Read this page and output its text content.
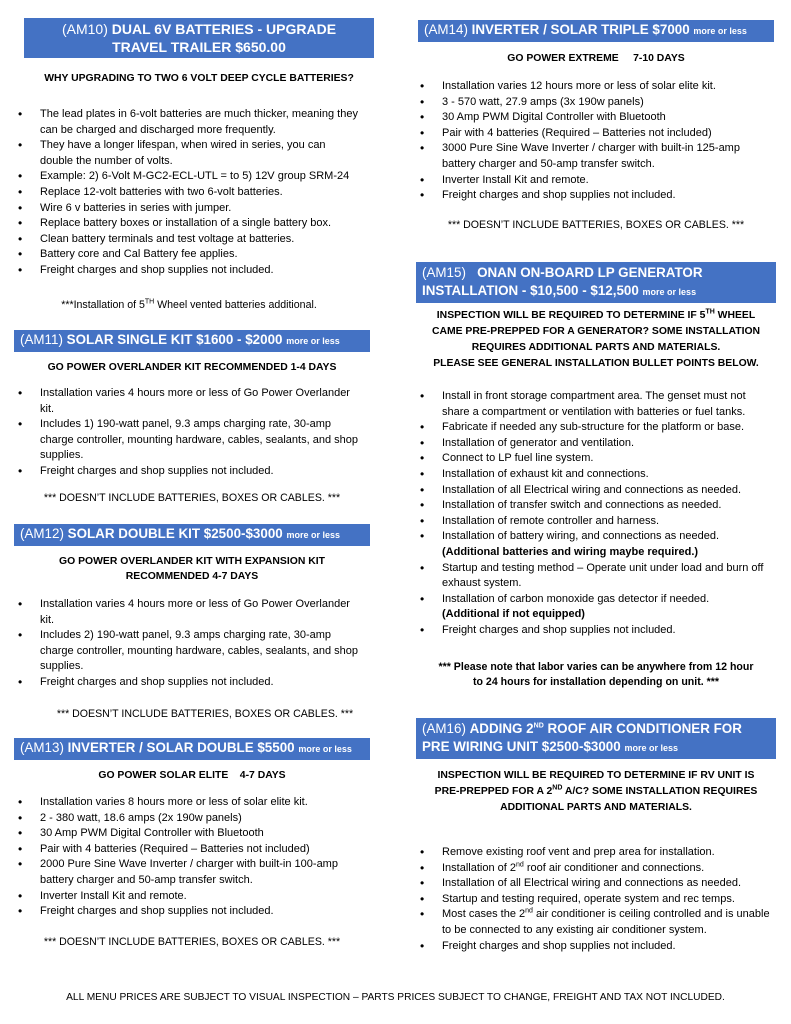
(AM10) DUAL 6V BATTERIES - UPGRADE
TRAVEL TRAILER $650.00
WHY UPGRADING TO TWO 6 VOLT DEEP CYCLE BATTERIES?
• The lead plates in 6-volt batteries are much thicker, meaning they can be charged and discharged more frequently.
• They have a longer lifespan, when wired in series, you can double the number of volts.
• Example: 2) 6-Volt M-GC2-ECL-UTL = to 5) 12V group SRM-24
• Replace 12-volt batteries with two 6-volt batteries.
• Wire 6 v batteries in series with jumper.
• Replace battery boxes or installation of a single battery box.
• Clean battery terminals and test voltage at batteries.
• Battery core and Cal Battery fee applies.
• Freight charges and shop supplies not included.
***Installation of 5TH Wheel vented batteries additional.
(AM11) SOLAR SINGLE KIT $1600 - $2000 more or less
GO POWER OVERLANDER KIT RECOMMENDED 1-4 DAYS
• Installation varies 4 hours more or less of Go Power Overlander kit.
• Includes 1) 190-watt panel, 9.3 amps charging rate, 30-amp charge controller, mounting hardware, cables, sealants, and shop supplies.
• Freight charges and shop supplies not included.
*** DOESN’T INCLUDE BATTERIES, BOXES OR CABLES. ***
(AM12) SOLAR DOUBLE KIT $2500-$3000 more or less
GO POWER OVERLANDER KIT WITH EXPANSION KIT
RECOMMENDED 4-7 DAYS
• Installation varies 4 hours more or less of Go Power Overlander kit.
• Includes 2) 190-watt panel, 9.3 amps charging rate, 30-amp charge controller, mounting hardware, cables, sealants, and shop supplies.
• Freight charges and shop supplies not included.
*** DOESN’T INCLUDE BATTERIES, BOXES OR CABLES. ***
(AM13) INVERTER / SOLAR DOUBLE $5500 more or less
GO POWER SOLAR ELITE    4-7 DAYS
• Installation varies 8 hours more or less of solar elite kit.
• 2 - 380 watt, 18.6 amps (2x 190w panels)
• 30 Amp PWM Digital Controller with Bluetooth
• Pair with 4 batteries (Required – Batteries not included)
• 2000 Pure Sine Wave Inverter / charger with built-in 100-amp battery charger and 50-amp transfer switch.
• Inverter Install Kit and remote.
• Freight charges and shop supplies not included.
*** DOESN’T INCLUDE BATTERIES, BOXES OR CABLES. ***
(AM14) INVERTER / SOLAR TRIPLE $7000 more or less
GO POWER EXTREME     7-10 DAYS
• Installation varies 12 hours more or less of solar elite kit.
• 3 - 570 watt, 27.9 amps (3x 190w panels)
• 30 Amp PWM Digital Controller with Bluetooth
• Pair with 4 batteries (Required – Batteries not included)
• 3000 Pure Sine Wave Inverter / charger with built-in 125-amp battery charger and 50-amp transfer switch.
• Inverter Install Kit and remote.
• Freight charges and shop supplies not included.
*** DOESN’T INCLUDE BATTERIES, BOXES OR CABLES. ***
(AM15) ONAN ON-BOARD LP GENERATOR
INSTALLATION - $10,500 - $12,500 more or less
INSPECTION WILL BE REQUIRED TO DETERMINE IF 5TH WHEEL
CAME PRE-PREPPED FOR A GENERATOR? SOME INSTALLATION
REQUIRES ADDITIONAL PARTS AND MATERIALS.
PLEASE SEE GENERAL INSTALLATION BULLET POINTS BELOW.
• Install in front storage compartment area. The genset must not share a compartment or ventilation with batteries or fuel tanks.
• Fabricate if needed any sub-structure for the platform or base.
• Installation of generator and ventilation.
• Connect to LP fuel line system.
• Installation of exhaust kit and connections.
• Installation of all Electrical wiring and connections as needed.
• Installation of transfer switch and connections as needed.
• Installation of remote controller and harness.
• Installation of battery wiring, and connections as needed.
(Additional batteries and wiring maybe required.)
• Startup and testing method – Operate unit under load and burn off exhaust system.
• Installation of carbon monoxide gas detector if needed.
(Additional if not equipped)
• Freight charges and shop supplies not included.
*** Please note that labor varies can be anywhere from 12 hour
to 24 hours for installation depending on unit. ***
(AM16) ADDING 2ND ROOF AIR CONDITIONER FOR
PRE WIRING UNIT $2500-$3000 more or less
INSPECTION WILL BE REQUIRED TO DETERMINE IF RV UNIT IS
PRE-PREPPED FOR A 2ND A/C? SOME INSTALLATION REQUIRES
ADDITIONAL PARTS AND MATERIALS.
• Remove existing roof vent and prep area for installation.
• Installation of 2nd roof air conditioner and connections.
• Installation of all Electrical wiring and connections as needed.
• Startup and testing required, operate system and rec temps.
• Most cases the 2nd air conditioner is ceiling controlled and is unable to be connected to any existing air conditioner system.
• Freight charges and shop supplies not included.
ALL MENU PRICES ARE SUBJECT TO VISUAL INSPECTION – PARTS PRICES SUBJECT TO CHANGE, FREIGHT AND TAX NOT INCLUDED.
